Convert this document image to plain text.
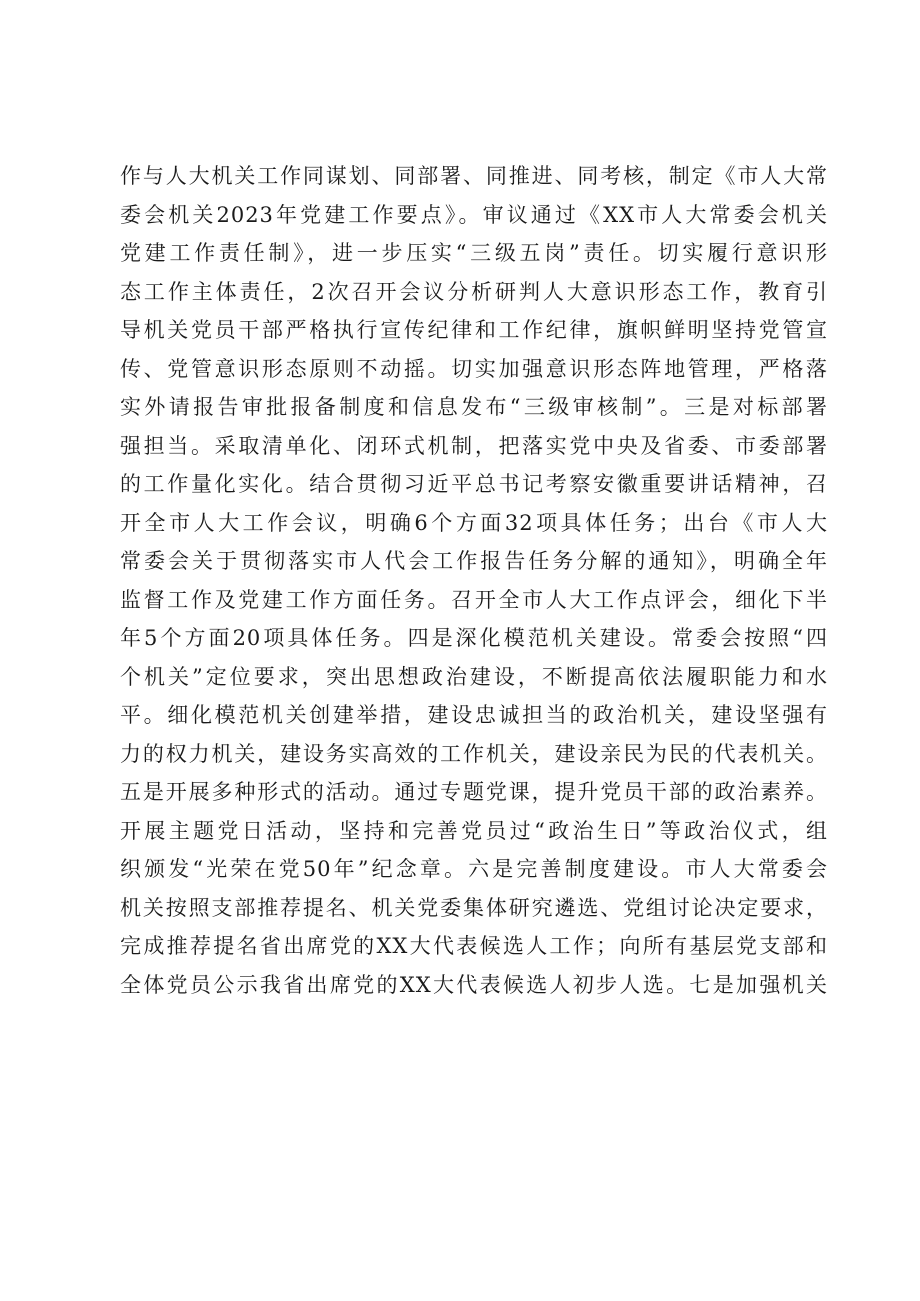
作与人大机关工作同谋划、同部署、同推进、同考核，制定《市人大常
委会机关2023年党建工作要点》。审议通过《XX市人大常委会机关
党建工作责任制》，进一步压实“三级五岗”责任。切实履行意识形
态工作主体责任，2次召开会议分析研判人大意识形态工作，教育引
导机关党员干部严格执行宣传纪律和工作纪律，旗帜鲜明坚持党管宣
传、党管意识形态原则不动摇。切实加强意识形态阵地管理，严格落
实外请报告审批报备制度和信息发布“三级审核制”。三是对标部署
强担当。采取清单化、闭环式机制，把落实党中央及省委、市委部署
的工作量化实化。结合贯彻习近平总书记考察安徽重要讲话精神，召
开全市人大工作会议，明确6个方面32项具体任务；出台《市人大
常委会关于贯彻落实市人代会工作报告任务分解的通知》，明确全年
监督工作及党建工作方面任务。召开全市人大工作点评会，细化下半
年5个方面20项具体任务。四是深化模范机关建设。常委会按照“四
个机关”定位要求，突出思想政治建设，不断提高依法履职能力和水
平。细化模范机关创建举措，建设忠诚担当的政治机关，建设坚强有
力的权力机关，建设务实高效的工作机关，建设亲民为民的代表机关。
五是开展多种形式的活动。通过专题党课，提升党员干部的政治素养。
开展主题党日活动，坚持和完善党员过“政治生日”等政治仪式，组
织颁发“光荣在党50年”纪念章。六是完善制度建设。市人大常委会
机关按照支部推荐提名、机关党委集体研究遴选、党组讨论决定要求，
完成推荐提名省出席党的XX大代表候选人工作；向所有基层党支部和
全体党员公示我省出席党的XX大代表候选人初步人选。七是加强机关
